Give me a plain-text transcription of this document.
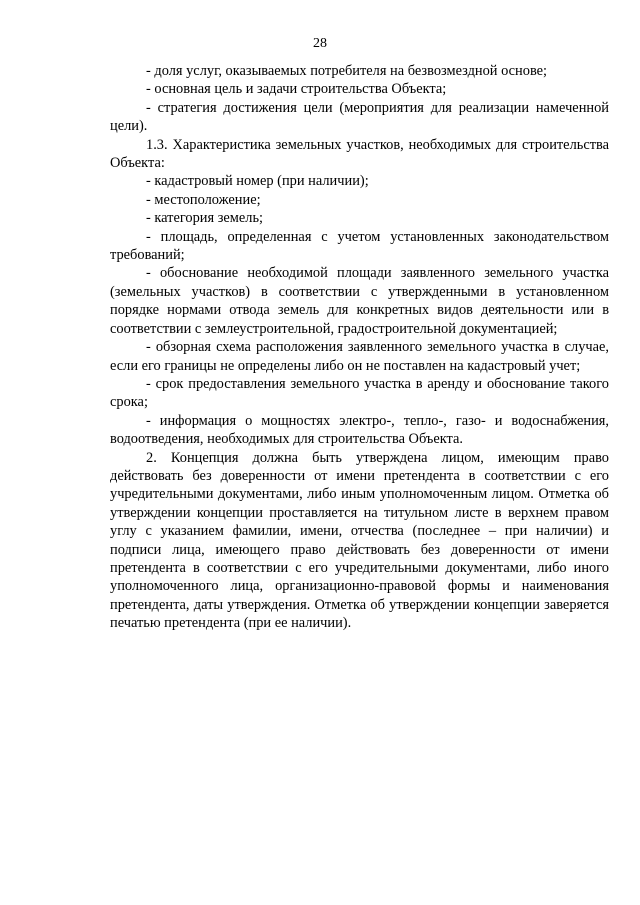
28

- доля услуг, оказываемых потребителя на безвозмездной основе;

- основная цель и задачи строительства Объекта;

- стратегия достижения цели (мероприятия для реализации намеченной цели).

1.3. Характеристика земельных участков, необходимых для строительства Объекта:

- кадастровый номер (при наличии);

- местоположение;

- категория земель;

- площадь, определенная с учетом установленных законодательством требований;

- обоснование необходимой площади заявленного земельного участка (земельных участков) в соответствии с утвержденными в установленном порядке нормами отвода земель для конкретных видов деятельности или в соответствии с землеустроительной, градостроительной документацией;

- обзорная схема расположения заявленного земельного участка в случае, если его границы не определены либо он не поставлен на кадастровый учет;

- срок предоставления земельного участка в аренду и обоснование такого срока;

- информация о мощностях электро-, тепло-, газо- и водоснабжения, водоотведения, необходимых для строительства Объекта.

2. Концепция должна быть утверждена лицом, имеющим право действовать без доверенности от имени претендента в соответствии с его учредительными документами, либо иным уполномоченным лицом. Отметка об утверждении концепции проставляется на титульном листе в верхнем правом углу с указанием фамилии, имени, отчества (последнее – при наличии) и подписи лица, имеющего право действовать без доверенности от имени претендента в соответствии с его учредительными документами, либо иного уполномоченного лица, организационно-правовой формы и наименования претендента, даты утверждения. Отметка об утверждении концепции заверяется печатью претендента (при ее наличии).
